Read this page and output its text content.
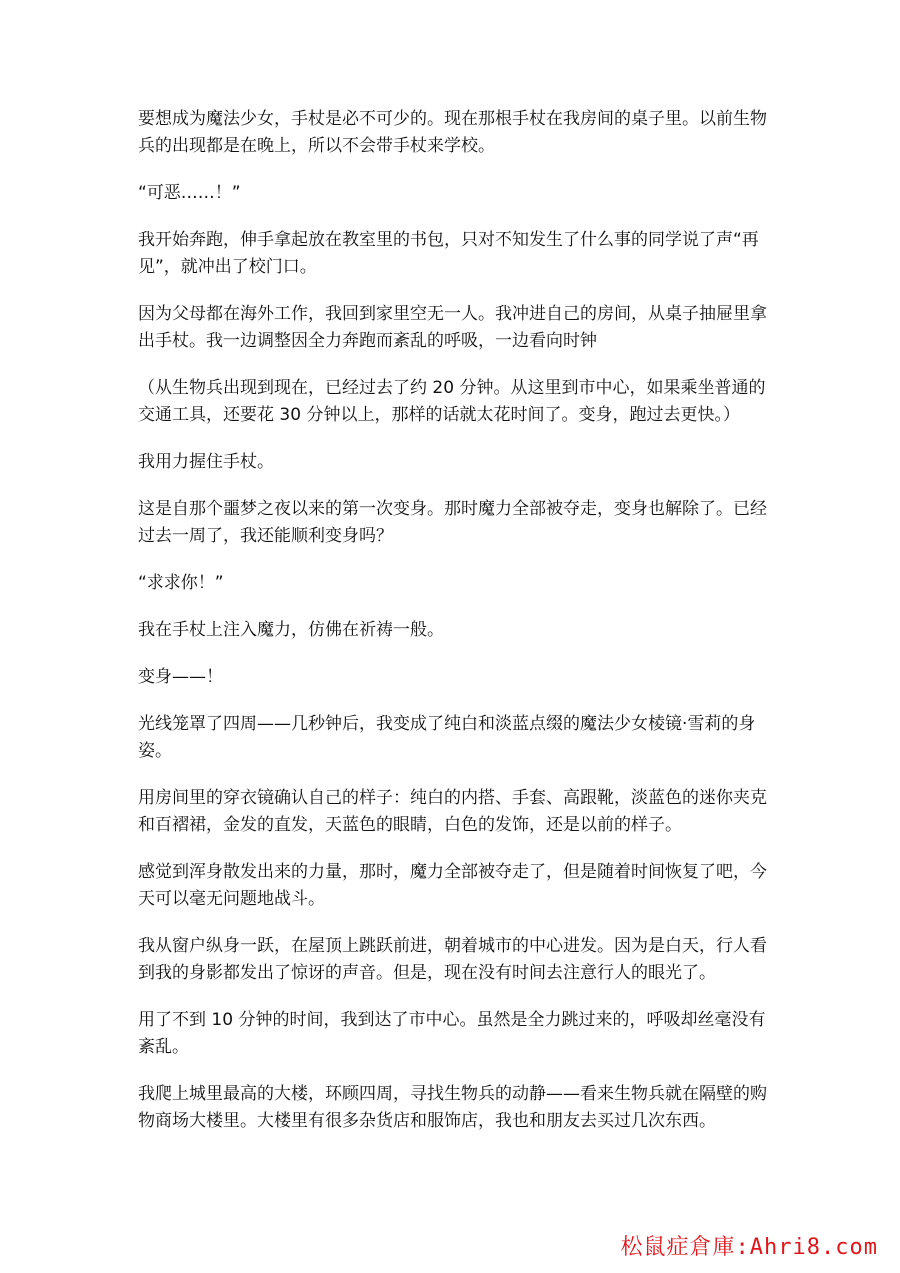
要想成为魔法少女，手杖是必不可少的。现在那根手杖在我房间的桌子里。以前生物兵的出现都是在晚上，所以不会带手杖来学校。

“可恶……！”

我开始奔跑，伸手拿起放在教室里的书包，只对不知发生了什么事的同学说了声“再见”，就冲出了校门口。

因为父母都在海外工作，我回到家里空无一人。我冲进自己的房间，从桌子抽屉里拿出手杖。我一边调整因全力奔跑而紊乱的呼吸，一边看向时钟

（从生物兵出现到现在，已经过去了约 20 分钟。从这里到市中心，如果乘坐普通的交通工具，还要花 30 分钟以上，那样的话就太花时间了。变身，跑过去更快。）

我用力握住手杖。

这是自那个噩梦之夜以来的第一次变身。那时魔力全部被夺走，变身也解除了。已经过去一周了，我还能顺利变身吗？

“求求你！”

我在手杖上注入魔力，仿佛在祈祷一般。

变身——！

光线笼罩了四周——几秒钟后，我变成了纯白和淡蓝点缀的魔法少女棱镜·雪莉的身姿。

用房间里的穿衣镜确认自己的样子：纯白的内搭、手套、高跟靴，淡蓝色的迷你夹克和百褶裙，金发的直发，天蓝色的眼睛，白色的发饰，还是以前的样子。

感觉到浑身散发出来的力量，那时，魔力全部被夺走了，但是随着时间恢复了吧，今天可以毫无问题地战斗。

我从窗户纵身一跃，在屋顶上跳跃前进，朝着城市的中心进发。因为是白天，行人看到我的身影都发出了惊讶的声音。但是，现在没有时间去注意行人的眼光了。

用了不到 10 分钟的时间，我到达了市中心。虽然是全力跳过来的，呼吸却丝毫没有紊乱。

我爬上城里最高的大楼，环顾四周，寻找生物兵的动静——看来生物兵就在隔壁的购物商场大楼里。大楼里有很多杂货店和服饰店，我也和朋友去买过几次东西。

松鼠症倉庫:Ahri8.com
